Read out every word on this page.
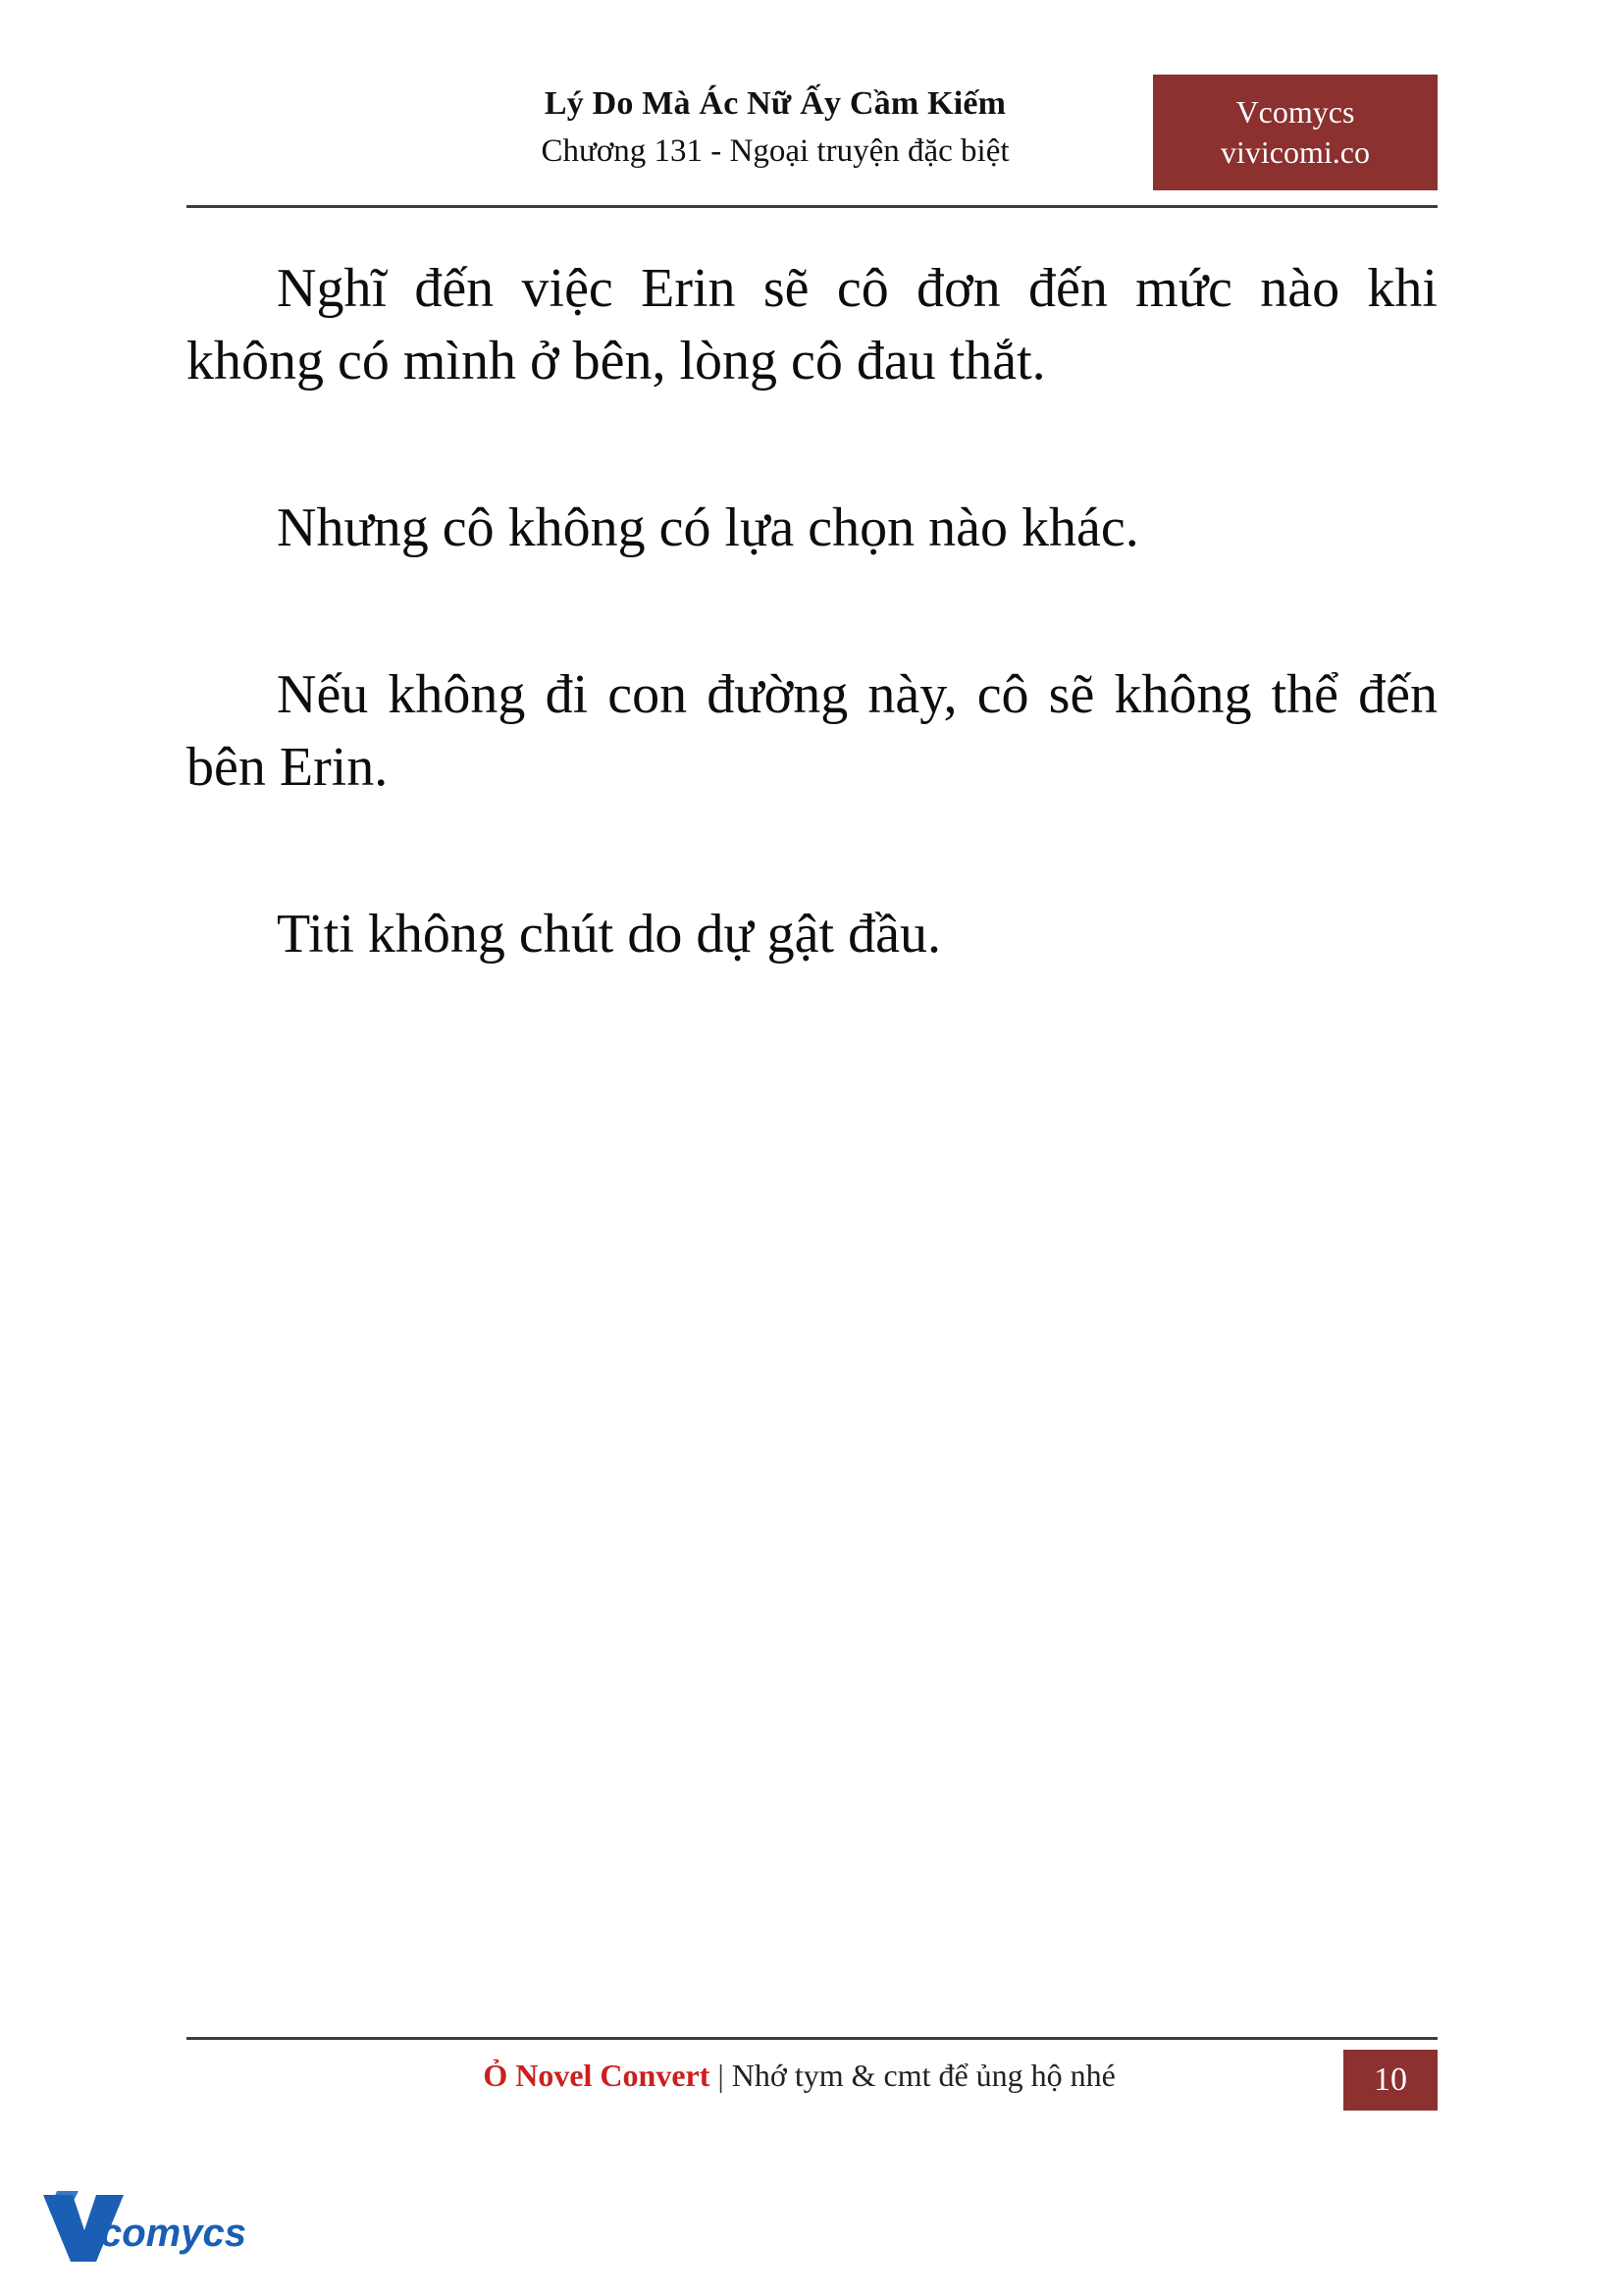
Lý Do Mà Ác Nữ Ấy Cầm Kiếm
Chương 131 - Ngoại truyện đặc biệt
Vcomycs
vivicomi.co

Nghĩ đến việc Erin sẽ cô đơn đến mức nào khi không có mình ở bên, lòng cô đau thắt.

Nhưng cô không có lựa chọn nào khác.

Nếu không đi con đường này, cô sẽ không thể đến bên Erin.

Titi không chút do dự gật đầu.

Ỏ Novel Convert | Nhớ tym & cmt để ủng hộ nhé	10
comycs
